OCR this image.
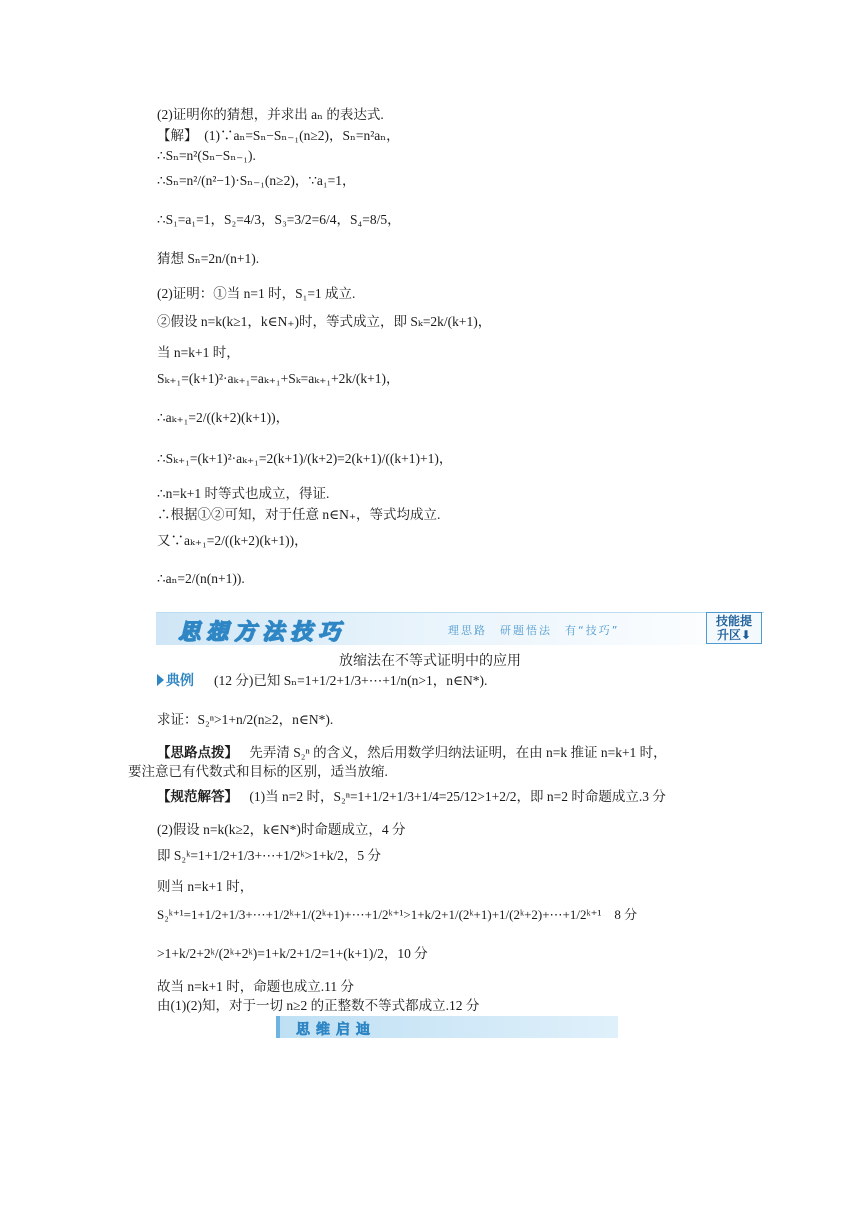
(2)证明你的猜想，并求出 aₙ 的表达式.
【解】　(1)∵aₙ=Sₙ−Sₙ₋₁(n≥2)，Sₙ=n²aₙ，
∴Sₙ=n²(Sₙ−Sₙ₋₁).
∴Sₙ=n²/(n²−1)·Sₙ₋₁(n≥2)，∵a₁=1，
∴S₁=a₁=1，S₂=4/3，S₃=3/2=6/4，S₄=8/5，
猜想 Sₙ=2n/(n+1).
(2)证明：①当 n=1 时，S₁=1 成立.
②假设 n=k(k≥1，k∈N₊)时，等式成立，即 Sₖ=2k/(k+1)，
当 n=k+1 时，
Sₖ₊₁=(k+1)²·aₖ₊₁=aₖ₊₁+Sₖ=aₖ₊₁+2k/(k+1)，
∴aₖ₊₁=2/((k+2)(k+1))，
∴Sₖ₊₁=(k+1)²·aₖ₊₁=2(k+1)/(k+2)=2(k+1)/((k+1)+1)，
∴n=k+1 时等式也成立，得证.
∴根据①②可知，对于任意 n∈N₊，等式均成立.
又∵aₖ₊₁=2/((k+2)(k+1))，
∴aₙ=2/(n(n+1)).
思想方法技巧	理思路　研题悟法　有“技巧”
技能提
升区⬇
放缩法在不等式证明中的应用
典例	(12 分)已知 Sₙ=1+1/2+1/3+⋯+1/n(n>1，n∈N*).
求证：S₂ⁿ>1+n/2(n≥2，n∈N*).
【思路点拨】 先弄清 S₂ⁿ 的含义，然后用数学归纳法证明，在由 n=k 推证 n=k+1 时，
要注意已有代数式和目标的区别，适当放缩.
【规范解答】 (1)当 n=2 时，S₂ⁿ=1+1/2+1/3+1/4=25/12>1+2/2，即 n=2 时命题成立.3 分
(2)假设 n=k(k≥2，k∈N*)时命题成立，4 分
即 S₂ᵏ=1+1/2+1/3+⋯+1/2ᵏ>1+k/2，5 分
则当 n=k+1 时，
S₂ᵏ⁺¹=1+1/2+1/3+⋯+1/2ᵏ+1/(2ᵏ+1)+⋯+1/2ᵏ⁺¹>1+k/2+1/(2ᵏ+1)+1/(2ᵏ+2)+⋯+1/2ᵏ⁺¹　8 分
>1+k/2+2ᵏ/(2ᵏ+2ᵏ)=1+k/2+1/2=1+(k+1)/2，10 分
故当 n=k+1 时，命题也成立.11 分
由(1)(2)知，对于一切 n≥2 的正整数不等式都成立.12 分
思维启迪
